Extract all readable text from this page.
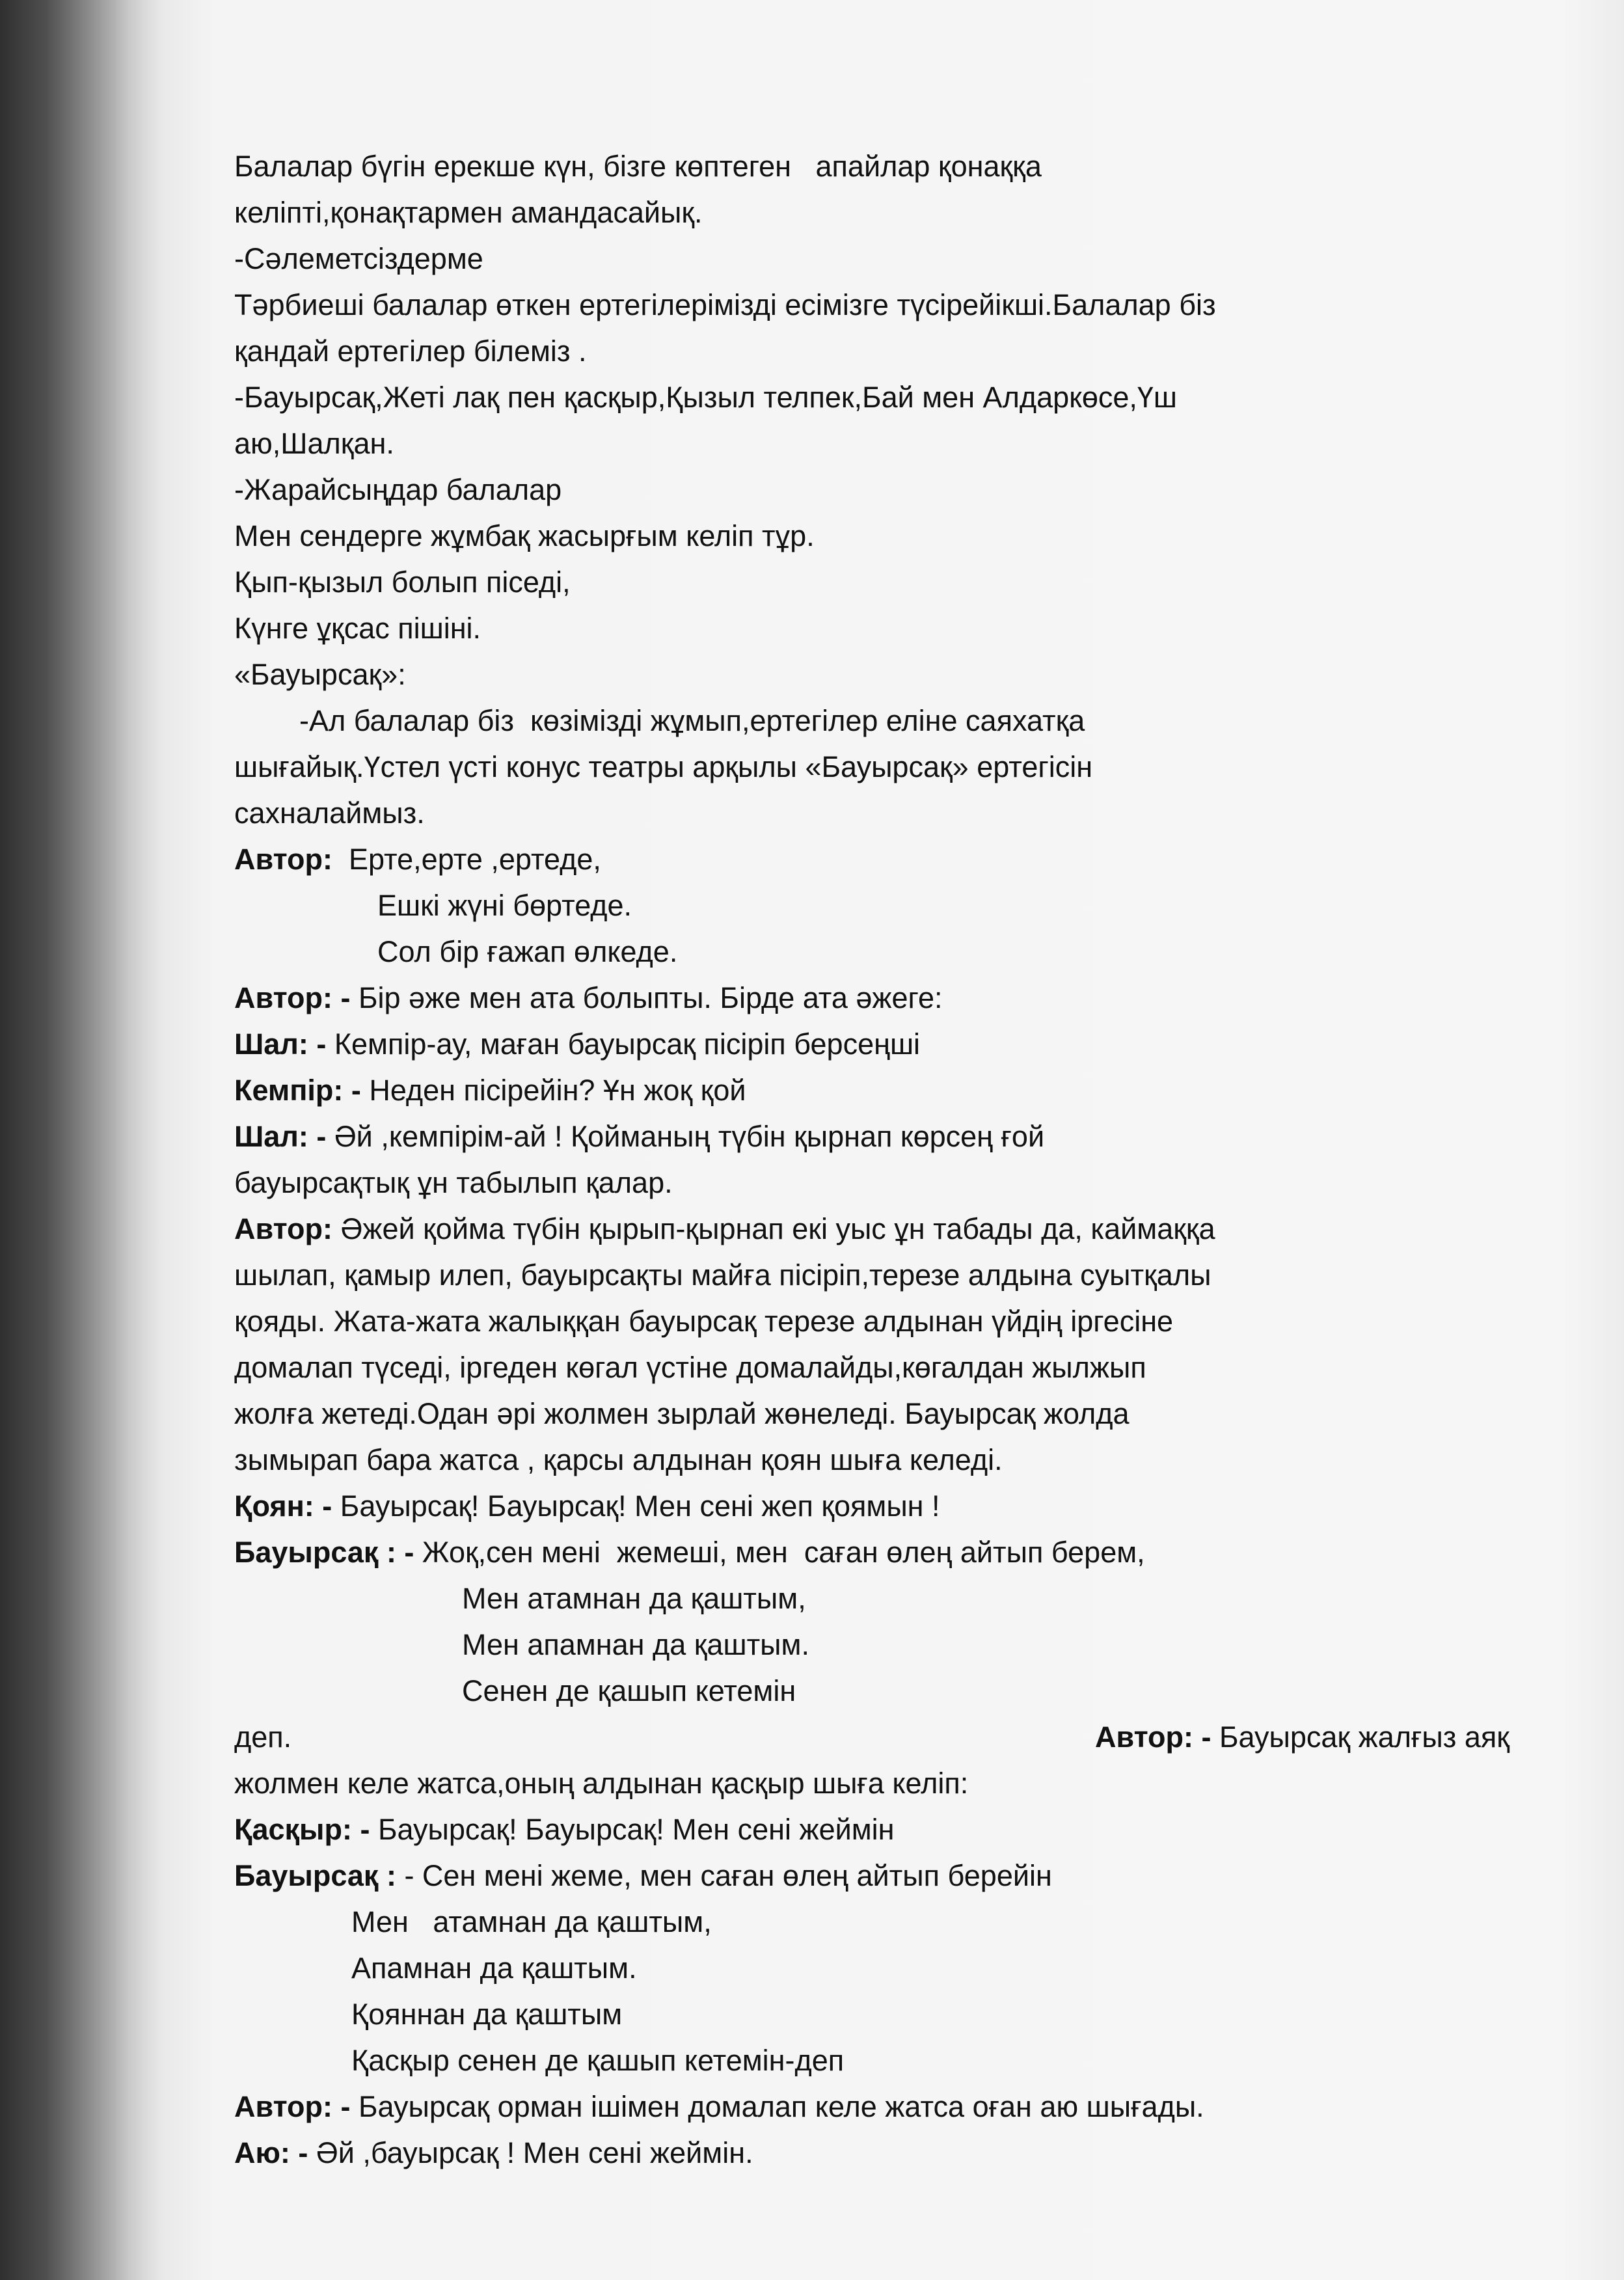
Балалар бүгін ерекше күн, бізге көптеген   апайлар қонаққа
келіпті,қонақтармен амандасайық.
-Сәлеметсіздерме
Тәрбиеші балалар өткен ертегілерімізді есімізге түсірейікші.Балалар біз
қандай ертегілер білеміз .
-Бауырсақ,Жеті лақ пен қасқыр,Қызыл телпек,Бай мен Алдаркөсе,Үш
аю,Шалқан.
-Жарайсыңдар балалар
Мен сендерге жұмбақ жасырғым келіп тұр.
Қып-қызыл болып піседі,
Күнге ұқсас пішіні.
«Бауырсақ»:
-Ал балалар біз  көзімізді жұмып,ертегілер еліне саяхатқа
шығайық.Үстел үсті конус театры арқылы «Бауырсақ» ертегісін
сахналаймыз.
Автор:  Ерте,ерте ,ертеде,
Ешкі жүні бөртеде.
Сол бір ғажап өлкеде.
Автор: - Бір әже мен ата болыпты. Бірде ата әжеге:
Шал: - Кемпір-ау, маған бауырсақ пісіріп берсеңші
Кемпір: - Неден пісірейін? Ұн жоқ қой
Шал: - Әй ,кемпірім-ай ! Қойманың түбін қырнап көрсең ғой
бауырсақтық ұн табылып қалар.
Автор: Әжей қойма түбін қырып-қырнап екі уыс ұн табады да, каймаққа
шылап, қамыр илеп, бауырсақты майға пісіріп,терезе алдына суытқалы
қояды. Жата-жата жалыққан бауырсақ терезе алдынан үйдің іргесіне
домалап түседі, іргеден көгал үстіне домалайды,көгалдан жылжып
жолға жетеді.Одан әрі жолмен зырлай жөнеледі. Бауырсақ жолда
зымырап бара жатса , қарсы алдынан қоян шыға келеді.
Қоян: - Бауырсақ! Бауырсақ! Мен сені жеп қоямын !
Бауырсақ : - Жоқ,сен мені  жемеші, мен  саған өлең айтып берем,
Мен атамнан да қаштым,
Мен апамнан да қаштым.
Сенен де қашып кетемін
деп.	Автор: - Бауырсақ жалғыз аяқ
жолмен келе жатса,оның алдынан қасқыр шыға келіп:
Қасқыр: - Бауырсақ! Бауырсақ! Мен сені жеймін
Бауырсақ : - Сен мені жеме, мен саған өлең айтып берейін
Мен   атамнан да қаштым,
Апамнан да қаштым.
Қояннан да қаштым
Қасқыр сенен де қашып кетемін-деп
Автор: - Бауырсақ орман ішімен домалап келе жатса оған аю шығады.
Аю: - Әй ,бауырсақ ! Мен сені жеймін.
